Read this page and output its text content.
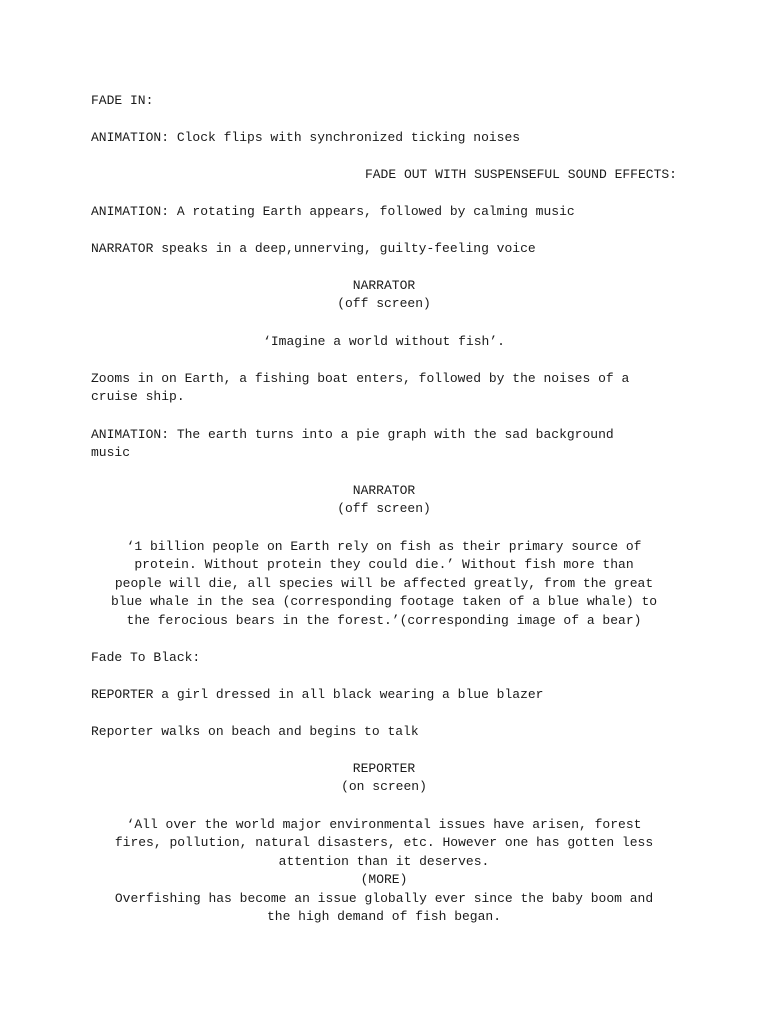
FADE IN:

ANIMATION: Clock flips with synchronized ticking noises

FADE OUT WITH SUSPENSEFUL SOUND EFFECTS:

ANIMATION: A rotating Earth appears, followed by calming music

NARRATOR speaks in a deep,unnerving, guilty-feeling voice

NARRATOR

(off screen)

‘Imagine a world without fish’.

Zooms in on Earth, a fishing boat enters, followed by the noises of a

cruise ship.

ANIMATION: The earth turns into a pie graph with the sad background

music

NARRATOR

(off screen)

‘1 billion people on Earth rely on fish as their primary source of

protein. Without protein they could die.’ Without fish more than

people will die, all species will be affected greatly, from the great

blue whale in the sea (corresponding footage taken of a blue whale) to

the ferocious bears in the forest.’(corresponding image of a bear)

Fade To Black:

REPORTER a girl dressed in all black wearing a blue blazer

Reporter walks on beach and begins to talk

REPORTER

(on screen)

‘All over the world major environmental issues have arisen, forest

fires, pollution, natural disasters, etc. However one has gotten less

attention than it deserves.

(MORE)

Overfishing has become an issue globally ever since the baby boom and

the high demand of fish began.
